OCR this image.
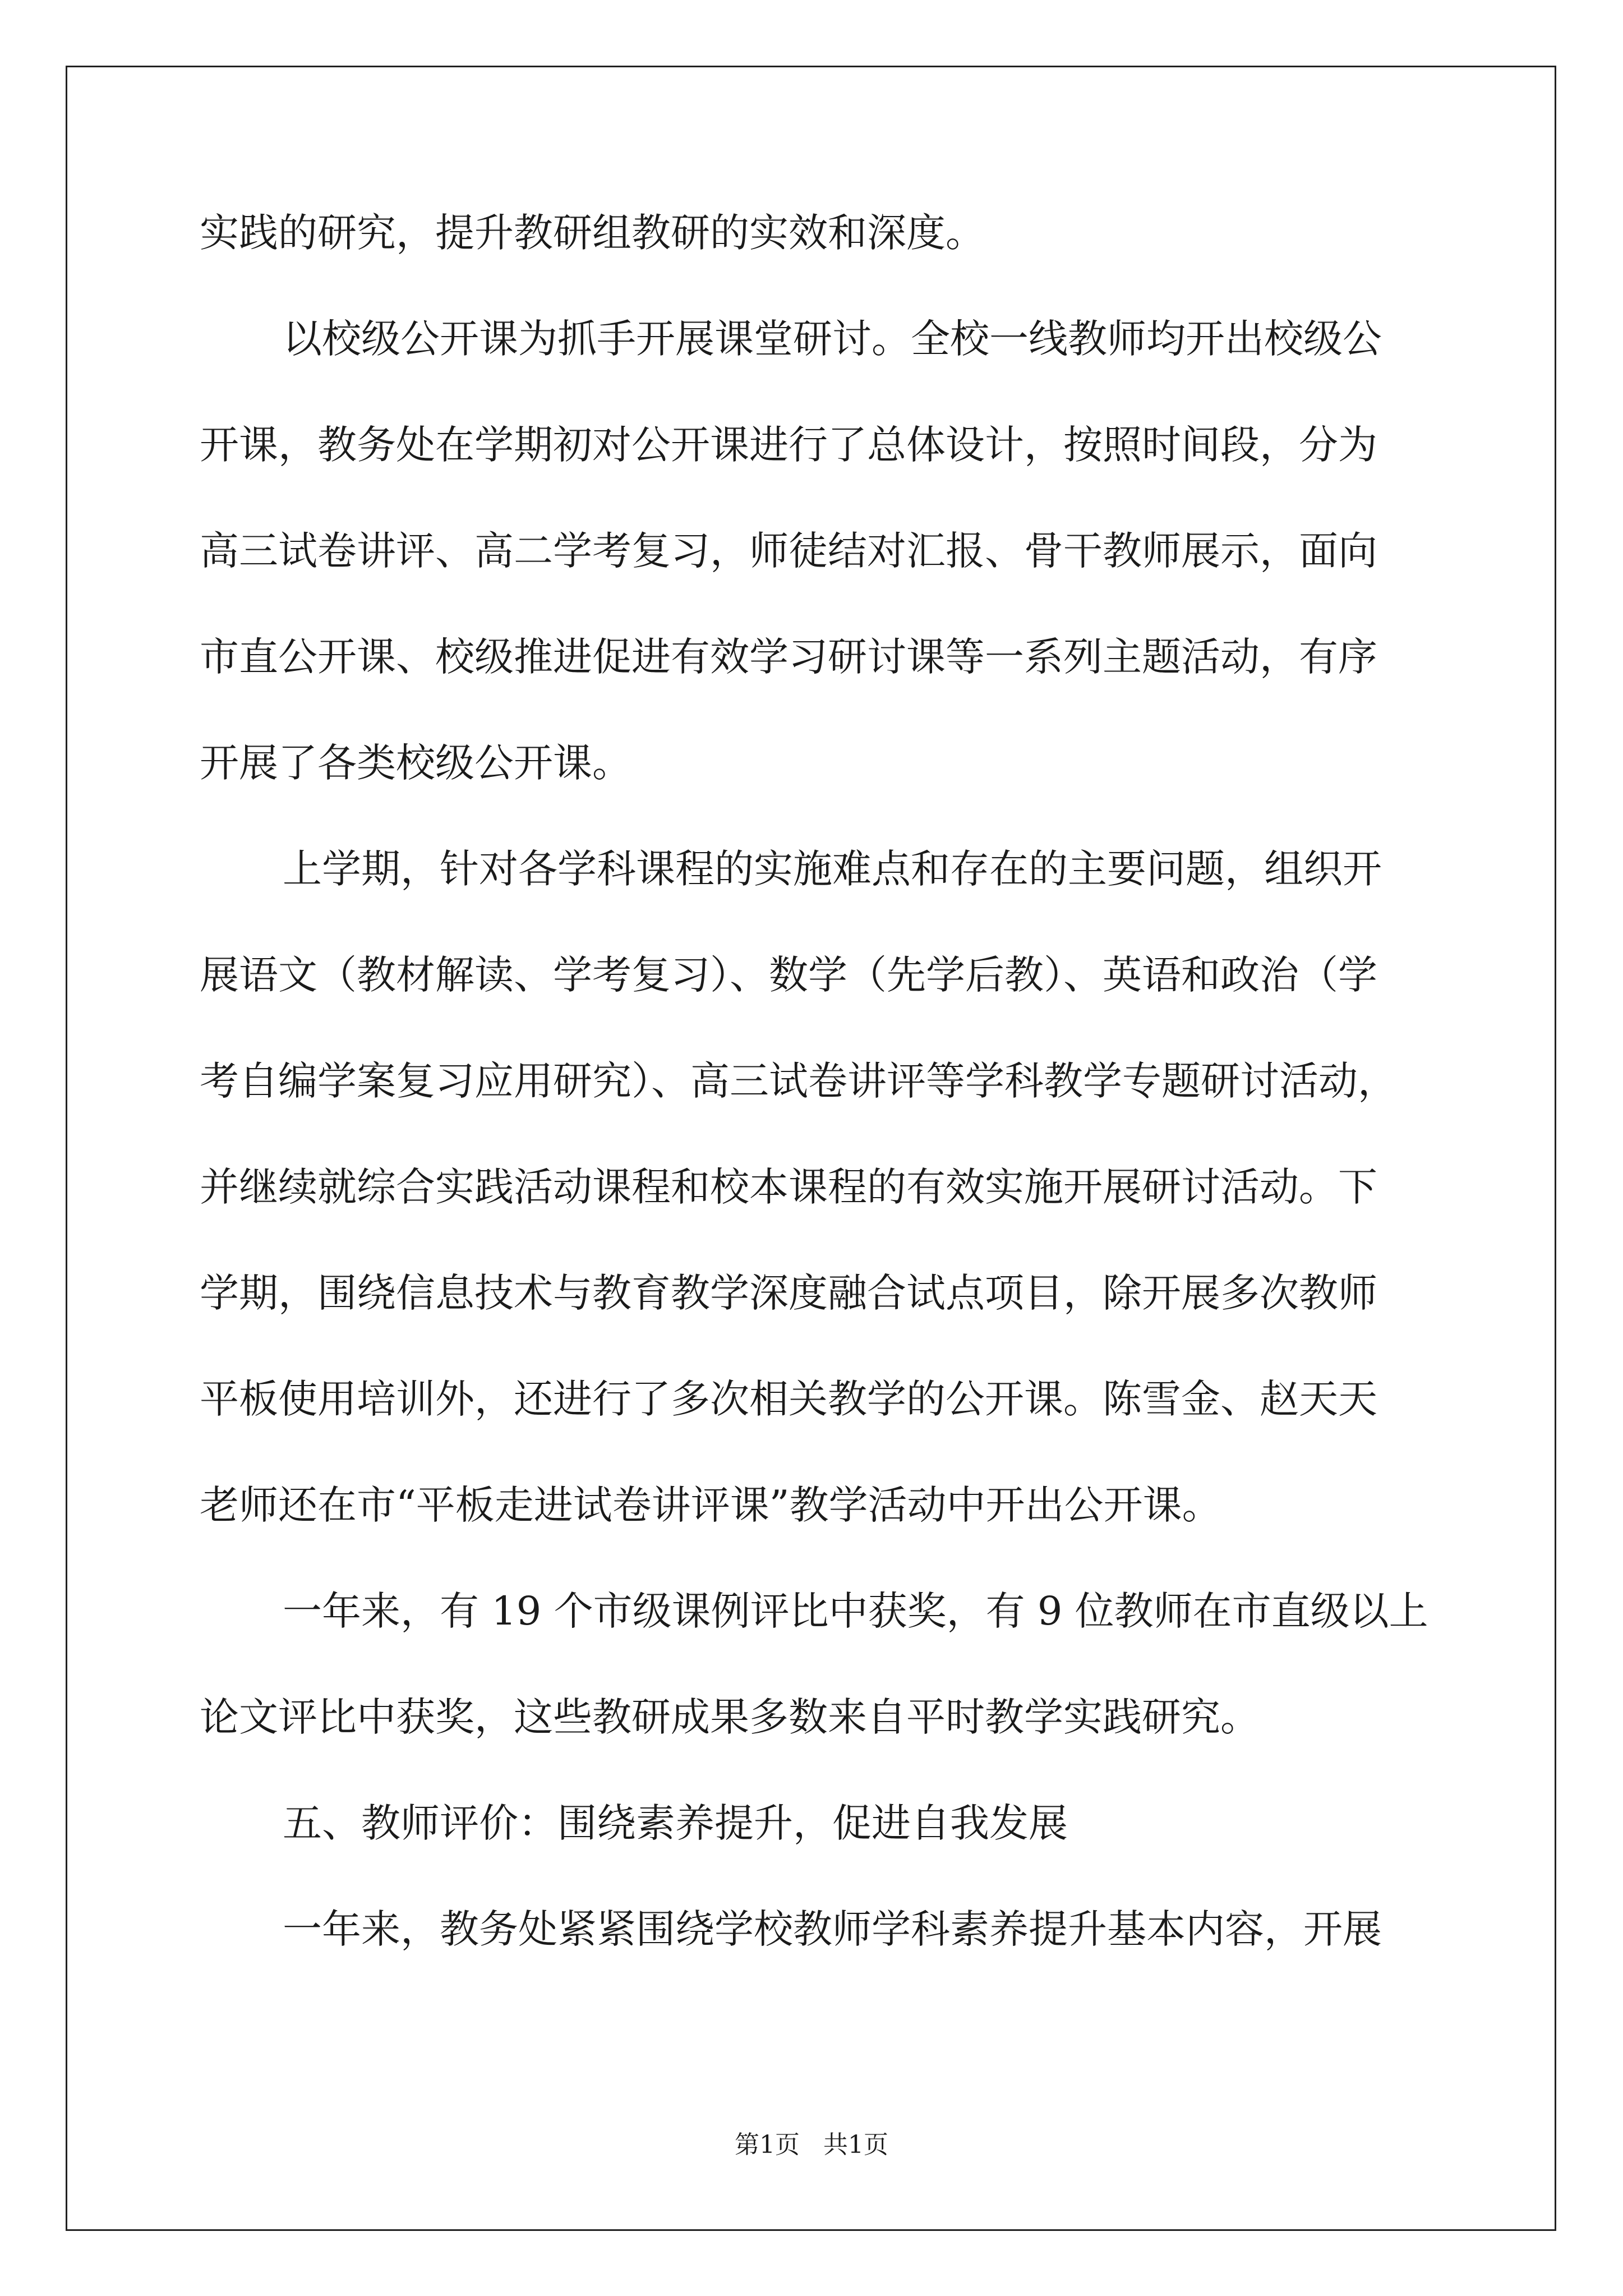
实践的研究，提升教研组教研的实效和深度。
以校级公开课为抓手开展课堂研讨。全校一线教师均开出校级公
开课，教务处在学期初对公开课进行了总体设计，按照时间段，分为
高三试卷讲评、高二学考复习，师徒结对汇报、骨干教师展示，面向
市直公开课、校级推进促进有效学习研讨课等一系列主题活动，有序
开展了各类校级公开课。
上学期，针对各学科课程的实施难点和存在的主要问题，组织开
展语文（教材解读、学考复习）、数学（先学后教）、英语和政治（学
考自编学案复习应用研究）、高三试卷讲评等学科教学专题研讨活动，
并继续就综合实践活动课程和校本课程的有效实施开展研讨活动。下
学期，围绕信息技术与教育教学深度融合试点项目，除开展多次教师
平板使用培训外，还进行了多次相关教学的公开课。陈雪金、赵天天
老师还在市“平板走进试卷讲评课”教学活动中开出公开课。
一年来，有 19 个市级课例评比中获奖，有 9 位教师在市直级以上
论文评比中获奖，这些教研成果多数来自平时教学实践研究。
五、教师评价：围绕素养提升，促进自我发展
一年来，教务处紧紧围绕学校教师学科素养提升基本内容，开展
第1页   共1页
